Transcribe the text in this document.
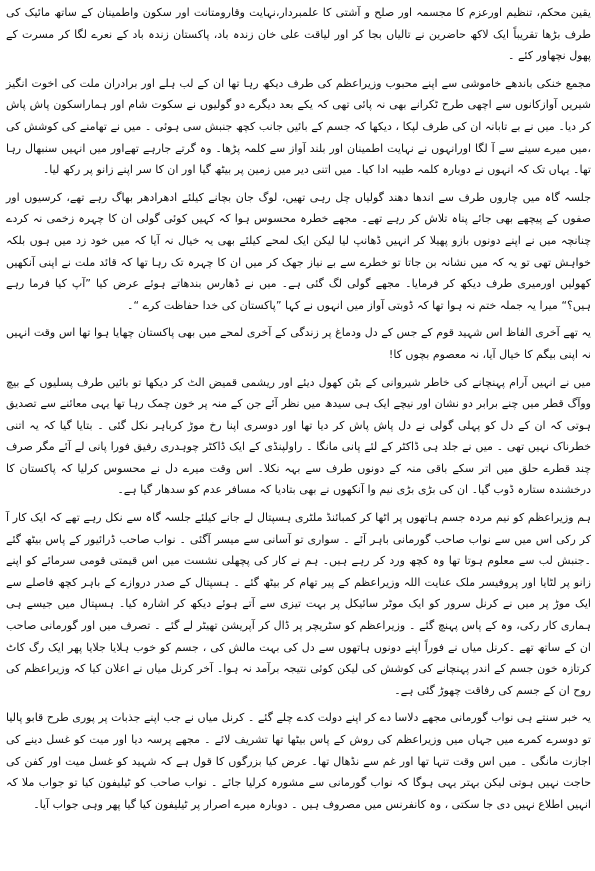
یقین محکم، تنظیم اورعزم کا مجسمہ اور صلح و آشتی کا علمبردار،نہایت وقارومتانت اور سکون واطمینان کے ساتھ مائیک کی طرف بڑھا تقریباً ایک لاکھ حاضرین نے تالیاں بجا کر اور لیاقت علی خان زندہ باد، پاکستان زندہ باد کے نعرے لگا کر مسرت کے پھول نچھاور کئے ۔

مجمع خنکی باندھے خاموشی سے اپنے محبوب وزیراعظم کی طرف دیکھ رہا تھا ان کے لب ہلے اور برادران ملت کی اخوت انگیز شیریں آوازکانوں سے اچھی طرح ٹکرانے بھی نہ پائی تھی کہ یکے بعد دیگرے دو گولیوں نے سکوت شام اور ہماراسکون پاش پاش کر دیا۔ میں نے بے تابانہ ان کی طرف لپکا ، دیکھا کہ جسم کے بائیں جانب کچھ جنبش سی ہوئی ۔ میں نے تھامنے کی کوشش کی ،میں میرے سینے سے آ لگا اورانہوں نے نہایت اطمینان اور بلند آواز سے کلمہ پڑھا۔ وہ گرتے جارہے تھےاور میں انہیں سنبھال رہا تھا۔ یہاں تک کہ انہوں نے دوبارہ کلمہ طیبہ ادا کیا۔ میں اتنی دیر میں زمین پر بیٹھ گیا اور ان کا سر اپنے زانو پر رکھ لیا۔

جلسہ گاہ میں چاروں طرف سے اندھا دھند گولیاں چل رہی تھیں، لوگ جان بچانے کیلئے ادھرادھر بھاگ رہے تھے، کرسیوں اور صفوں کے پیچھے بھی جائے پناہ تلاش کر رہے تھے۔ مجھے خطرہ محسوس ہوا کہ کہیں کوئی گولی ان کا چہرہ زخمی نہ کردے چنانچہ میں نے اپنے دونوں بازو پھیلا کر انہیں ڈھانپ لیا لیکن ایک لمحے کیلئے بھی یہ خیال نہ آیا کہ میں خود زد میں ہوں بلکہ خواہش تھی تو یہ کہ میں نشانہ بن جاتا تو خطرے سے بے نیاز جھک کر میں ان کا چہرہ تک رہا تھا کہ قائد ملت نے اپنی آنکھیں کھولیں اورمیری طرف دیکھ کر فرمایا۔ مجھے گولی لگ گئی ہے۔ میں نے ڈھارس بندھاتے ہوئے عرض کیا ”آپ کیا فرما رہے ہیں؟“ میرا یہ جملہ ختم نہ ہوا تھا کہ ڈوبتی آواز میں انہوں نے کہا ”پاکستان کی خدا حفاظت کرے “۔

یہ تھے آخری الفاظ اس شہید قوم کے جس کے دل ودماغ پر زندگی کے آخری لمحے میں بھی پاکستان چھایا ہوا تھا اس وقت انہیں نہ اپنی بیگم کا خیال آیا، نہ معصوم بچوں کا!

میں نے انہیں آرام پہنچانے کی خاطر شیروانی کے بٹن کھول دیئے اور ریشمی قمیض الٹ کر دیکھا تو بائیں طرف پسلیوں کے بیچ ووآگ قطر میں چنے برابر دو نشان اور نیچے ایک ہی سیدھ میں نظر آئے جن کے منہ پر خون چمک رہا تھا یہی معائنے سے تصدیق ہوتی کہ ان کے دل کو پہلی گولی نے دل پاش پاش کر دیا تھا اور دوسری اپنا رخ موڑ کرباہر نکل گئی ۔ بتایا گیا کہ یہ اتنی خطرناک نہیں تھی ۔ میں نے جلد ہی ڈاکٹر کے لئے پانی مانگا ۔ راولپنڈی کے ایک ڈاکٹر چوہدری رفیق فورا پانی لے آئے مگر صرف چند قطرے حلق میں اتر سکے باقی منہ کے دونوں طرف سے بہہ نکلا۔ اس وقت میرے دل نے محسوس کرلیا کہ پاکستان کا درخشندہ ستارہ ڈوب گیا۔ ان کی بڑی بڑی نیم وا آنکھوں نے بھی بتادیا کہ مسافر عدم کو سدھار گیا ہے۔

ہم وزیراعظم کو نیم مردہ جسم ہاتھوں پر اٹھا کر کمبائنڈ ملٹری ہسپتال لے جانے کیلئے جلسہ گاہ سے نکل رہے تھے کہ ایک کار آ کر رکی اس میں سے نواب صاحب گورمانی باہر آئے ۔ سواری تو آسانی سے میسر آگئی ۔ نواب صاحب ڈرائیور کے پاس بیٹھ گئے ۔جنبش لب سے معلوم ہوتا تھا وہ کچھ ورد کر رہے ہیں۔ ہم نے کار کی پچھلی نشست میں اس قیمتی قومی سرمائے کو اپنے زانو پر لٹایا اور پروفیسر ملک عنایت اللہ وزیراعظم کے پیر تھام کر بیٹھ گئے ۔ ہسپتال کے صدر دروازے کے باہر کچھ فاصلے سے ایک موڑ پر میں نے کرنل سرور کو ایک موٹر سائیکل پر بہت تیزی سے آتے ہوئے دیکھ کر اشارہ کیا۔ ہسپتال میں جیسے ہی ہماری کار رکی، وہ کے پاس پہنچ گئے ۔ وزیراعظم کو سٹریچر پر ڈال کر آپریشن تھیٹر لے گئے ۔ تصرف میں اور گورمانی صاحب ان کے ساتھ تھے ۔کرنل میاں نے فوراً اپنے دونوں ہاتھوں سے دل کی بہت مالش کی ، جسم کو خوب ہلایا جلایا پھر ایک رگ کاٹ کرتازہ خون جسم کے اندر پہنچانے کی کوشش کی لیکن کوئی نتیجہ برآمد نہ ہوا۔ آخر کرنل میاں نے اعلان کیا کہ وزیراعظم کی روح ان کے جسم کی رفاقت چھوڑ گئی ہے۔

یہ خبر سنتے ہی نواب گورمانی مجھے دلاسا دے کر اپنے دولت کدے چلے گئے ۔ کرنل میاں نے جب اپنے جذبات پر پوری طرح قابو پالیا تو دوسرے کمرے میں جہاں میں وزیراعظم کی روش کے پاس بیٹھا تھا تشریف لائے ۔ مجھے پرسہ دیا اور میت کو غسل دینے کی اجازت مانگی ۔ میں اس وقت تنہا تھا اور غم سے نڈھال تھا۔ عرض کیا بزرگوں کا قول ہے کہ شہید کو غسل میت اور کفن کی حاجت نہیں ہوتی لیکن بہتر یہی ہوگا کہ نواب گورمانی سے مشورہ کرلیا جائے ۔ نواب صاحب کو ٹیلیفون کیا تو جواب ملا کہ انہیں اطلاع نہیں دی جا سکتی ، وہ کانفرنس میں مصروف ہیں ۔ دوبارہ میرے اصرار پر ٹیلیفون کیا گیا پھر وہی جواب آیا۔
